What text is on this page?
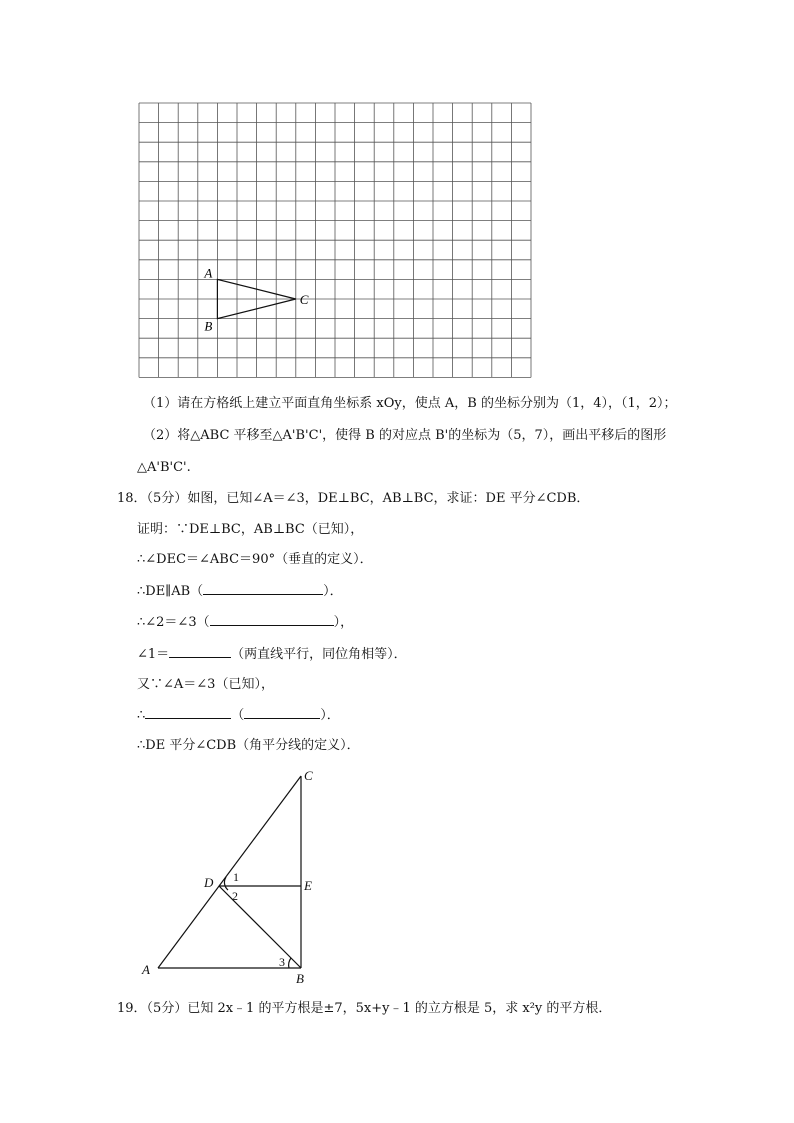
A
B
C
（1）请在方格纸上建立平面直角坐标系 xOy，使点 A，B 的坐标分别为（1，4），（1，2）；
（2）将△ABC 平移至△A'B'C'，使得 B 的对应点 B'的坐标为（5，7），画出平移后的图形
△A'B'C'.
18．（5分）如图，已知∠A＝∠3，DE⊥BC，AB⊥BC，求证：DE 平分∠CDB．
证明：∵DE⊥BC，AB⊥BC（已知），
∴∠DEC＝∠ABC＝90°（垂直的定义）．
∴DE∥AB（	）．
∴∠2＝∠3（	），
∠1＝	（两直线平行，同位角相等）．
又∵∠A＝∠3（已知），
∴	（	）．
∴DE 平分∠CDB（角平分线的定义）．
C
D	E
A
B
1
2
3
19．（5分）已知 2x﹣1 的平方根是±7，5x+y﹣1 的立方根是 5，求 x²y 的平方根．
